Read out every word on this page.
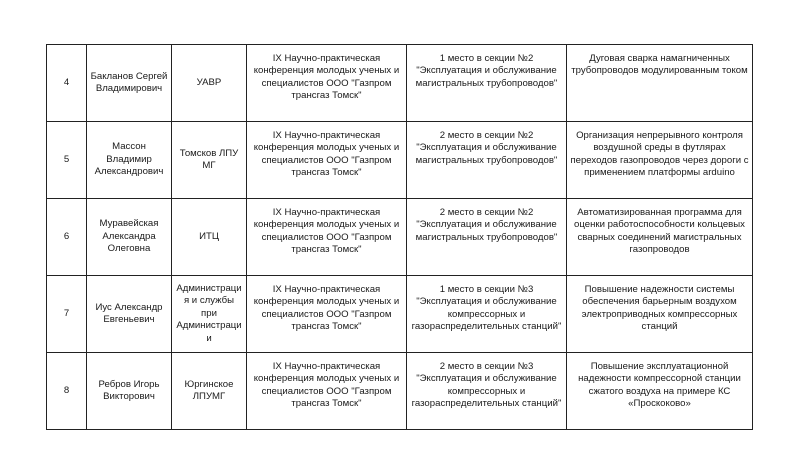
4	Бакланов Сергей Владимирович	УАВР	IX Научно-практическая конференция молодых ученых и специалистов ООО "Газпром трансгаз Томск"	1 место в секции №2 "Эксплуатация и обслуживание магистральных трубопроводов"	Дуговая сварка намагниченных трубопроводов модулированным током
5	Массон Владимир Александрович	Томсков ЛПУ МГ	IX Научно-практическая конференция молодых ученых и специалистов ООО "Газпром трансгаз Томск"	2 место в секции №2 "Эксплуатация и обслуживание магистральных трубопроводов"	Организация непрерывного контроля воздушной среды в футлярах переходов газопроводов через дороги с применением платформы arduino
6	Муравейская Александра Олеговна	ИТЦ	IX Научно-практическая конференция молодых ученых и специалистов ООО "Газпром трансгаз Томск"	2 место в секции №2 "Эксплуатация и обслуживание магистральных трубопроводов"	Автоматизированная программа для оценки работоспособности кольцевых сварных соединений магистральных газопроводов
7	Иус Александр Евгеньевич	Администрация и службы при Администрации	IX Научно-практическая конференция молодых ученых и специалистов ООО "Газпром трансгаз Томск"	1 место в секции №3 "Эксплуатация и обслуживание компрессорных и газораспределительных станций"	Повышение надежности системы обеспечения барьерным воздухом электроприводных компрессорных станций
8	Ребров Игорь Викторович	Юргинское ЛПУМГ	IX Научно-практическая конференция молодых ученых и специалистов ООО "Газпром трансгаз Томск"	2 место в секции №3 "Эксплуатация и обслуживание компрессорных и газораспределительных станций"	Повышение эксплуатационной надежности компрессорной станции сжатого воздуха на примере КС «Проскоково»
